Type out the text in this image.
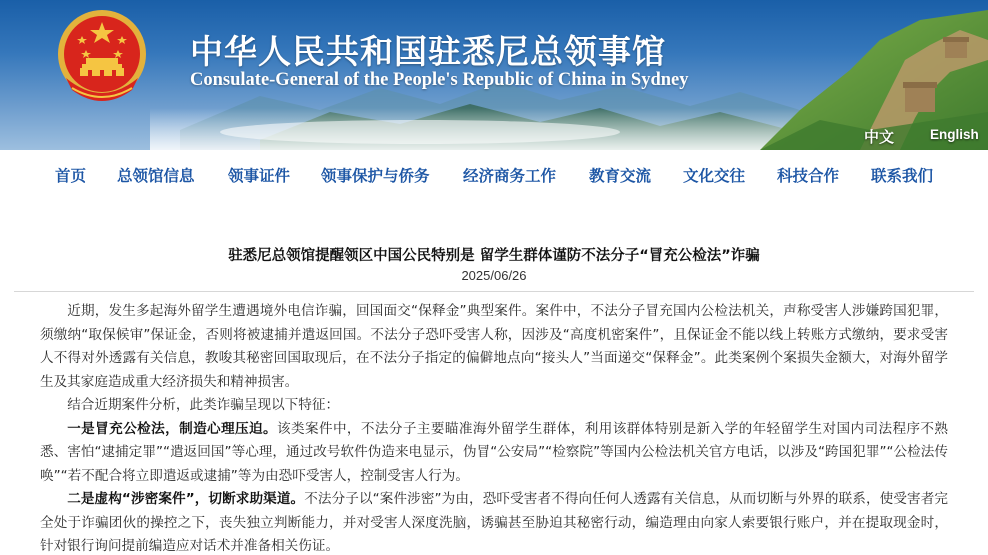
中华人民共和国驻悉尼总领事馆
Consulate-General of the People's Republic of China in Sydney
中文	English
首页 总领馆信息 领事证件 领事保护与侨务 经济商务工作 教育交流 文化交往 科技合作 联系我们
驻悉尼总领馆提醒领区中国公民特别是 留学生群体谨防不法分子“冒充公检法”诈骗
2025/06/26

近期，发生多起海外留学生遭遇境外电信诈骗，回国面交“保释金”典型案件。案件中，不法分子冒充国内公检法机关，声称受害人涉嫌跨国犯罪，须缴纳“取保候审”保证金，否则将被逮捕并遣返回国。不法分子恐吓受害人称，因涉及“高度机密案件”，且保证金不能以线上转账方式缴纳，要求受害人不得对外透露有关信息，教唆其秘密回国取现后，在不法分子指定的偏僻地点向“接头人”当面递交“保释金”。此类案例个案损失金额大，对海外留学生及其家庭造成重大经济损失和精神损害。

结合近期案件分析，此类诈骗呈现以下特征：

一是冒充公检法，制造心理压迫。该类案件中，不法分子主要瞄准海外留学生群体，利用该群体特别是新入学的年轻留学生对国内司法程序不熟悉、害怕“逮捕定罪”“遣返回国”等心理，通过改号软件伪造来电显示，伪冒“公安局”“检察院”等国内公检法机关官方电话，以涉及“跨国犯罪”“公检法传唤”“若不配合将立即遣返或逮捕”等为由恐吓受害人，控制受害人行为。

二是虚构“涉密案件”，切断求助渠道。不法分子以“案件涉密”为由，恐吓受害者不得向任何人透露有关信息，从而切断与外界的联系，使受害者完全处于诈骗团伙的操控之下，丧失独立判断能力，并对受害人深度洗脑，诱骗甚至胁迫其秘密行动，编造理由向家人索要银行账户，并在提取现金时，针对银行询问提前编造应对话术并准备相关伤证。
